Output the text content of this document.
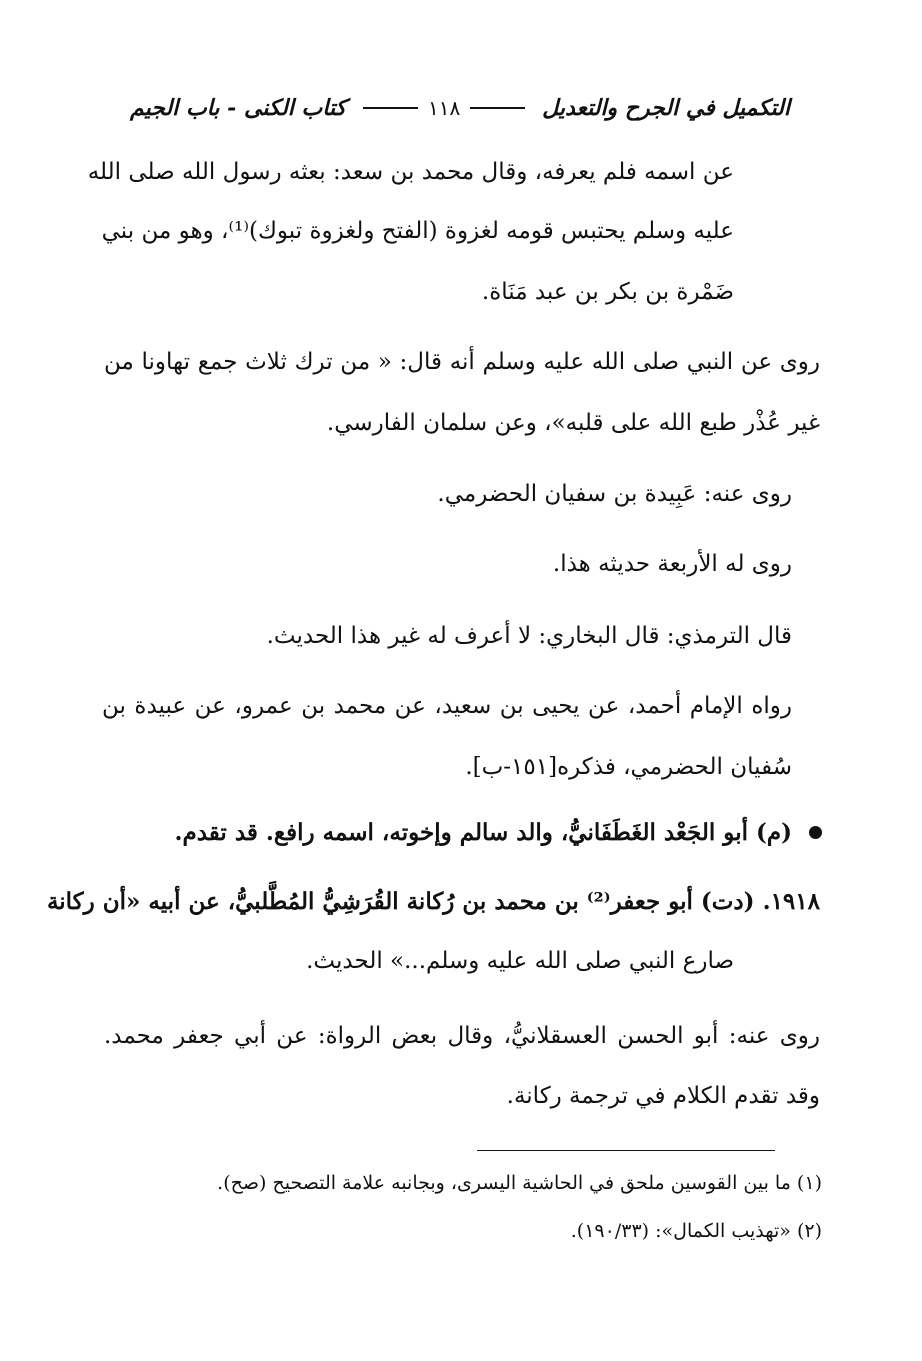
التكميل في الجرح والتعديل
١١٨
كتاب الكنى - باب الجيم
عن اسمه فلم يعرفه، وقال محمد بن سعد: بعثه رسول الله صلى الله
عليه وسلم يحتبس قومه لغزوة (الفتح ولغزوة تبوك)⁽¹⁾، وهو من بني
ضَمْرة بن بكر بن عبد مَنَاة.
روى عن النبي صلى الله عليه وسلم أنه قال: « من ترك ثلاث جمع تهاونا من
غير عُذْر طبع الله على قلبه»، وعن سلمان الفارسي.
روى عنه: عَبِيدة بن سفيان الحضرمي.
روى له الأربعة حديثه هذا.
قال الترمذي: قال البخاري: لا أعرف له غير هذا الحديث.
رواه الإمام أحمد، عن يحيى بن سعيد، عن محمد بن عمرو، عن عبيدة بن
سُفيان الحضرمي، فذكره[١٥١-ب].
(م) أبو الجَعْد الغَطَفَانيُّ، والد سالم وإخوته، اسمه رافع. قد تقدم.
١٩١٨. (دت) أبو جعفر⁽²⁾ بن محمد بن رُكانة القُرَشِيُّ المُطَّلبيُّ، عن أبيه «أن ركانة
صارع النبي صلى الله عليه وسلم...» الحديث.
روى عنه: أبو الحسن العسقلانيُّ، وقال بعض الرواة: عن أبي جعفر محمد.
وقد تقدم الكلام في ترجمة ركانة.
(١) ما بين القوسين ملحق في الحاشية اليسرى، وبجانبه علامة التصحيح (صح).
(٢) «تهذيب الكمال»: (١٩٠/٣٣).
